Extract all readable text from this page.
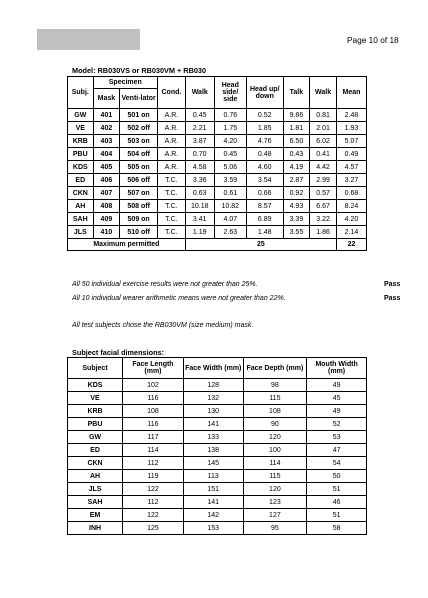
Page 10 of 18
Model: RB030VS or RB030VM + RB030
Subj.	Specimen		Cond.	Walk	Head side/ side	Head up/ down	Talk	Walk	Mean
	Mask	Venti-lator							
GW	401	501 on	A.R.	0.45	0.76	0.52	9.86	0.81	2.48
VE	402	502 off	A.R.	2.21	1.75	1.85	1.81	2.01	1.93
KRB	403	503 on	A.R.	3.87	4.20	4.76	6.50	6.02	5.07
PBU	404	504 off	A.R.	0.70	0.45	0.48	0.43	0.41	0.49
KDS	405	505 on	A.R.	4.58	5.06	4.60	4.19	4.42	4.57
ED	406	506 off	T.C.	3.36	3.59	3.54	2.87	2.99	3.27
CKN	407	507 on	T.C.	0.63	0.61	0.66	0.92	0.57	0.68
AH	408	508 off	T.C.	10.18	10.82	8.57	4.93	6.67	8.24
SAH	409	509 on	T.C.	3.41	4.07	6.89	3.39	3.22	4.20
JLS	410	510 off	T.C.	1.19	2.63	1.48	3.55	1.86	2.14
Maximum permitted				25					22
All 50 individual exercise results were not greater than 25%.	Pass
All 10 individual wearer arithmetic means were not greater than 22%.	Pass
All test subjects chose the RB030VM (size medium) mask.
Subject facial dimensions:
Subject	Face Length (mm)	Face Width (mm)	Face Depth (mm)	Mouth Width (mm)
KDS	102	128	98	49
VE	116	132	115	45
KRB	108	130	108	49
PBU	116	141	90	52
GW	117	133	120	53
ED	114	138	100	47
CKN	112	145	114	54
AH	119	113	115	50
JLS	122	151	120	51
SAH	112	141	123	46
EM	122	142	127	51
INH	125	153	95	58
